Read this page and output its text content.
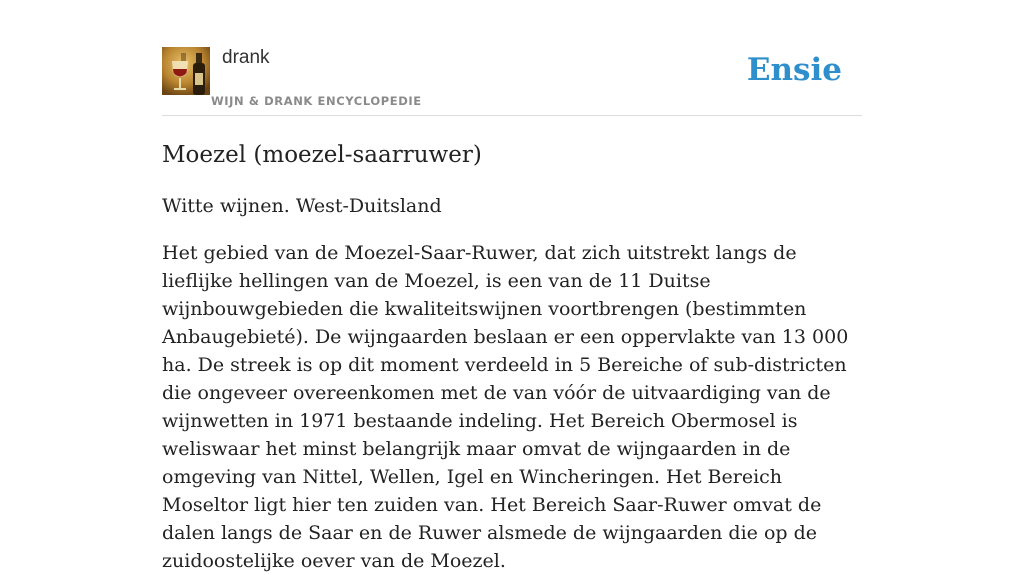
drank
WIJN & DRANK ENCYCLOPEDIE
Ensie
Moezel (moezel-saarruwer)

Witte wijnen. West-Duitsland

Het gebied van de Moezel-Saar-Ruwer, dat zich uitstrekt langs de lieflijke hellingen van de Moezel, is een van de 11 Duitse wijnbouwgebieden die kwaliteitswijnen voortbrengen (bestimmten Anbaugebieté). De wijngaarden beslaan er een oppervlakte van 13 000 ha. De streek is op dit moment verdeeld in 5 Bereiche of sub-districten die ongeveer overeenkomen met de van vóór de uitvaardiging van de wijnwetten in 1971 bestaande indeling. Het Bereich Obermosel is weliswaar het minst belangrijk maar omvat de wijngaarden in de omgeving van Nittel, Wellen, Igel en Wincheringen. Het Bereich Moseltor ligt hier ten zuiden van. Het Bereich Saar-Ruwer omvat de dalen langs de Saar en de Ruwer alsmede de wijngaarden die op de zuidoostelijke oever van de Moezel.
